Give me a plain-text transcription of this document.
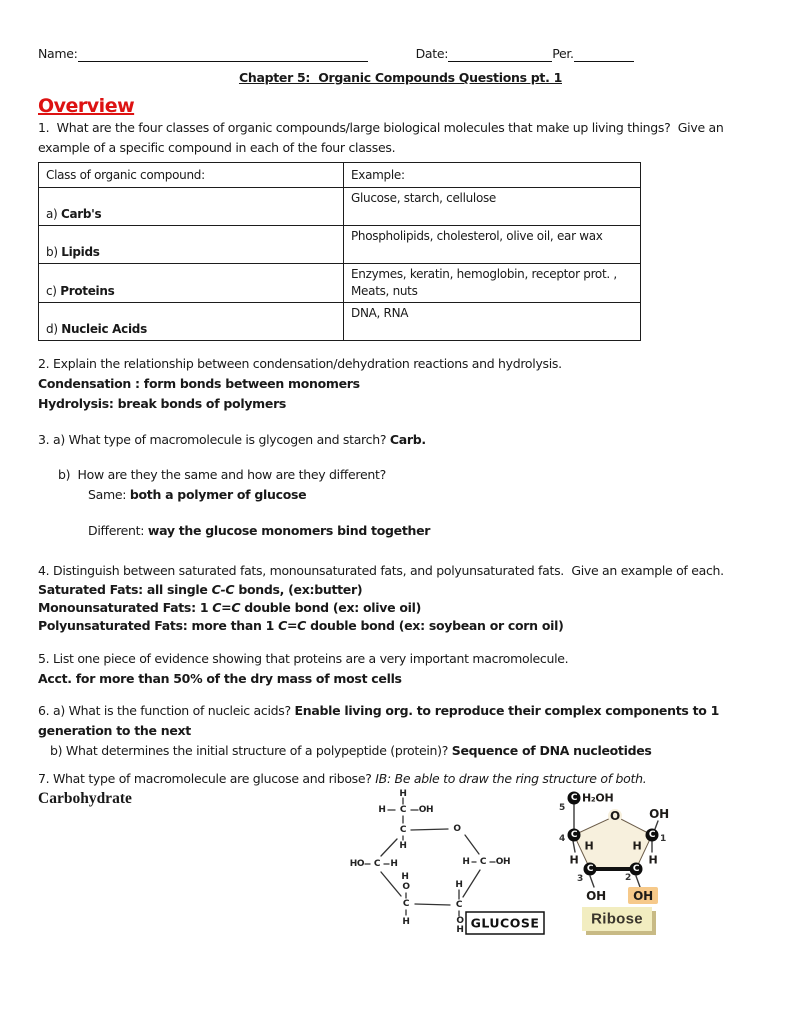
Name:	Date:	Per.
Chapter 5:  Organic Compounds Questions pt. 1
Overview
1.  What are the four classes of organic compounds/large biological molecules that make up living things?  Give an
example of a specific compound in each of the four classes.
Class of organic compound:	Example:
a) Carb's	Glucose, starch, cellulose
b) Lipids	Phospholipids, cholesterol, olive oil, ear wax
c) Proteins	Enzymes, keratin, hemoglobin, receptor prot. , Meats, nuts
d) Nucleic Acids	DNA, RNA
2. Explain the relationship between condensation/dehydration reactions and hydrolysis.
Condensation : form bonds between monomers
Hydrolysis: break bonds of polymers
3. a) What type of macromolecule is glycogen and starch? Carb.
b)  How are they the same and how are they different?
Same: both a polymer of glucose
Different: way the glucose monomers bind together
4. Distinguish between saturated fats, monounsaturated fats, and polyunsaturated fats.  Give an example of each.
Saturated Fats: all single C-C bonds, (ex:butter)
Monounsaturated Fats: 1 C=C double bond (ex: olive oil)
Polyunsaturated Fats: more than 1 C=C double bond (ex: soybean or corn oil)
5. List one piece of evidence showing that proteins are a very important macromolecule.
Acct. for more than 50% of the dry mass of most cells
6. a) What is the function of nucleic acids? Enable living org. to reproduce their complex components to 1
generation to the next
b) What determines the initial structure of a polypeptide (protein)? Sequence of DNA nucleotides
7. What type of macromolecule are glucose and ribose? IB: Be able to draw the ring structure of both.
Carbohydrate	H
H C OH
C	O
H
HO C H	H C OH
H
C
O
H
H
O
C
H	GLUCOSE
H₂OH
5
O OH
4
H
H
1
H
H
3	2
OH OH
C
C	C
C	C
Ribose
